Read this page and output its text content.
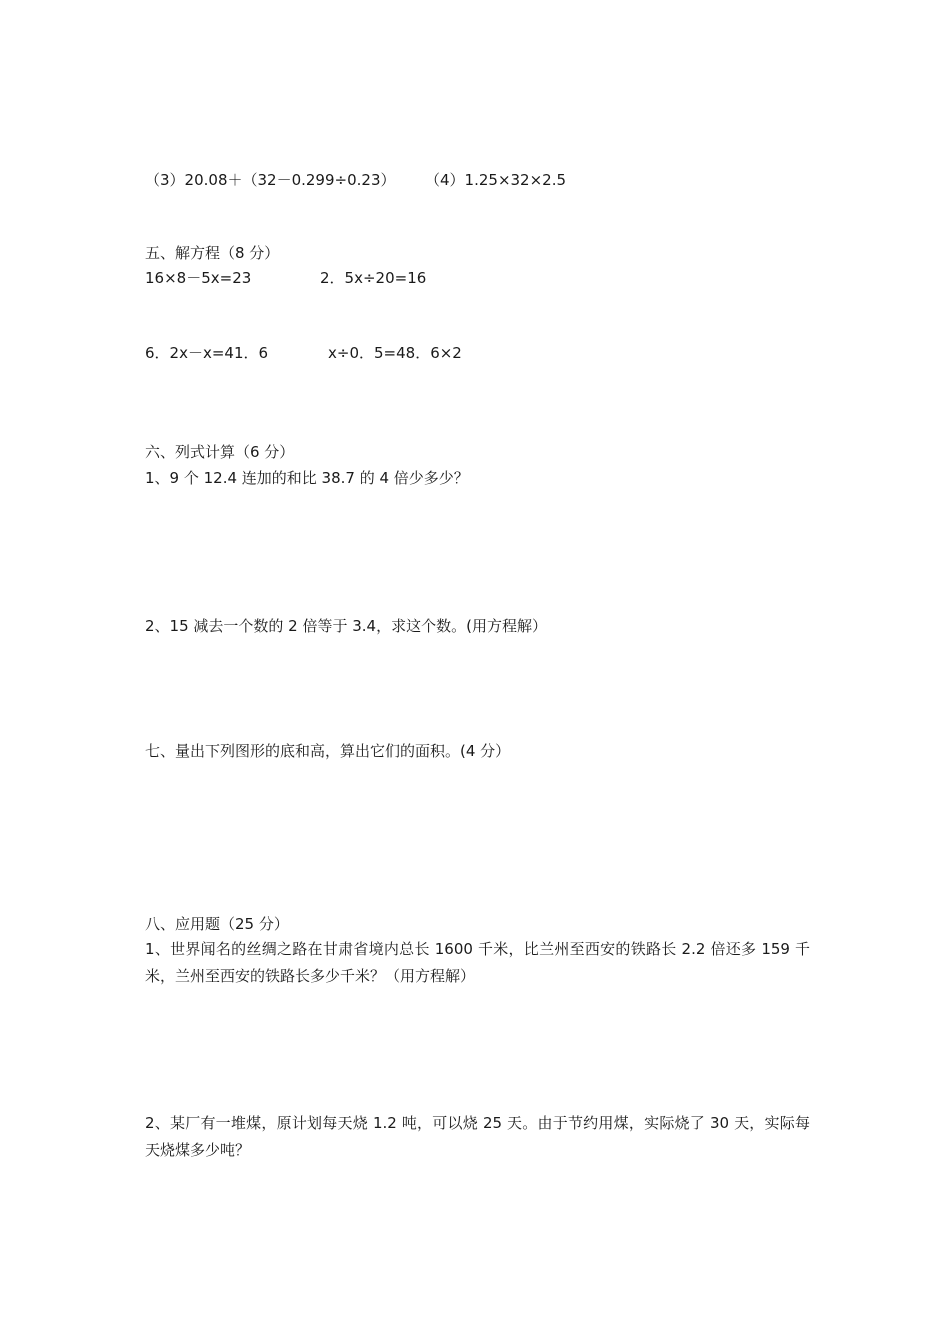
（3）20.08＋（32－0.299÷0.23） （4）1.25×32×2.5

五、解方程（8 分）

16×8－5x=23	2．5x÷20=16

6．2x－x=41．6	x÷0．5=48．6×2

六、列式计算（6 分）

1、9 个 12.4 连加的和比 38.7 的 4 倍少多少？

2、15 减去一个数的 2 倍等于 3.4，求这个数。(用方程解）

七、量出下列图形的底和高，算出它们的面积。(4 分）
八、应用题（25 分）

1、世界闻名的丝绸之路在甘肃省境内总长 1600 千米，比兰州至西安的铁路长 2.2 倍还多 159 千米，兰州至西安的铁路长多少千米？（用方程解）

2、某厂有一堆煤，原计划每天烧 1.2 吨，可以烧 25 天。由于节约用煤，实际烧了 30 天，实际每天烧煤多少吨？
